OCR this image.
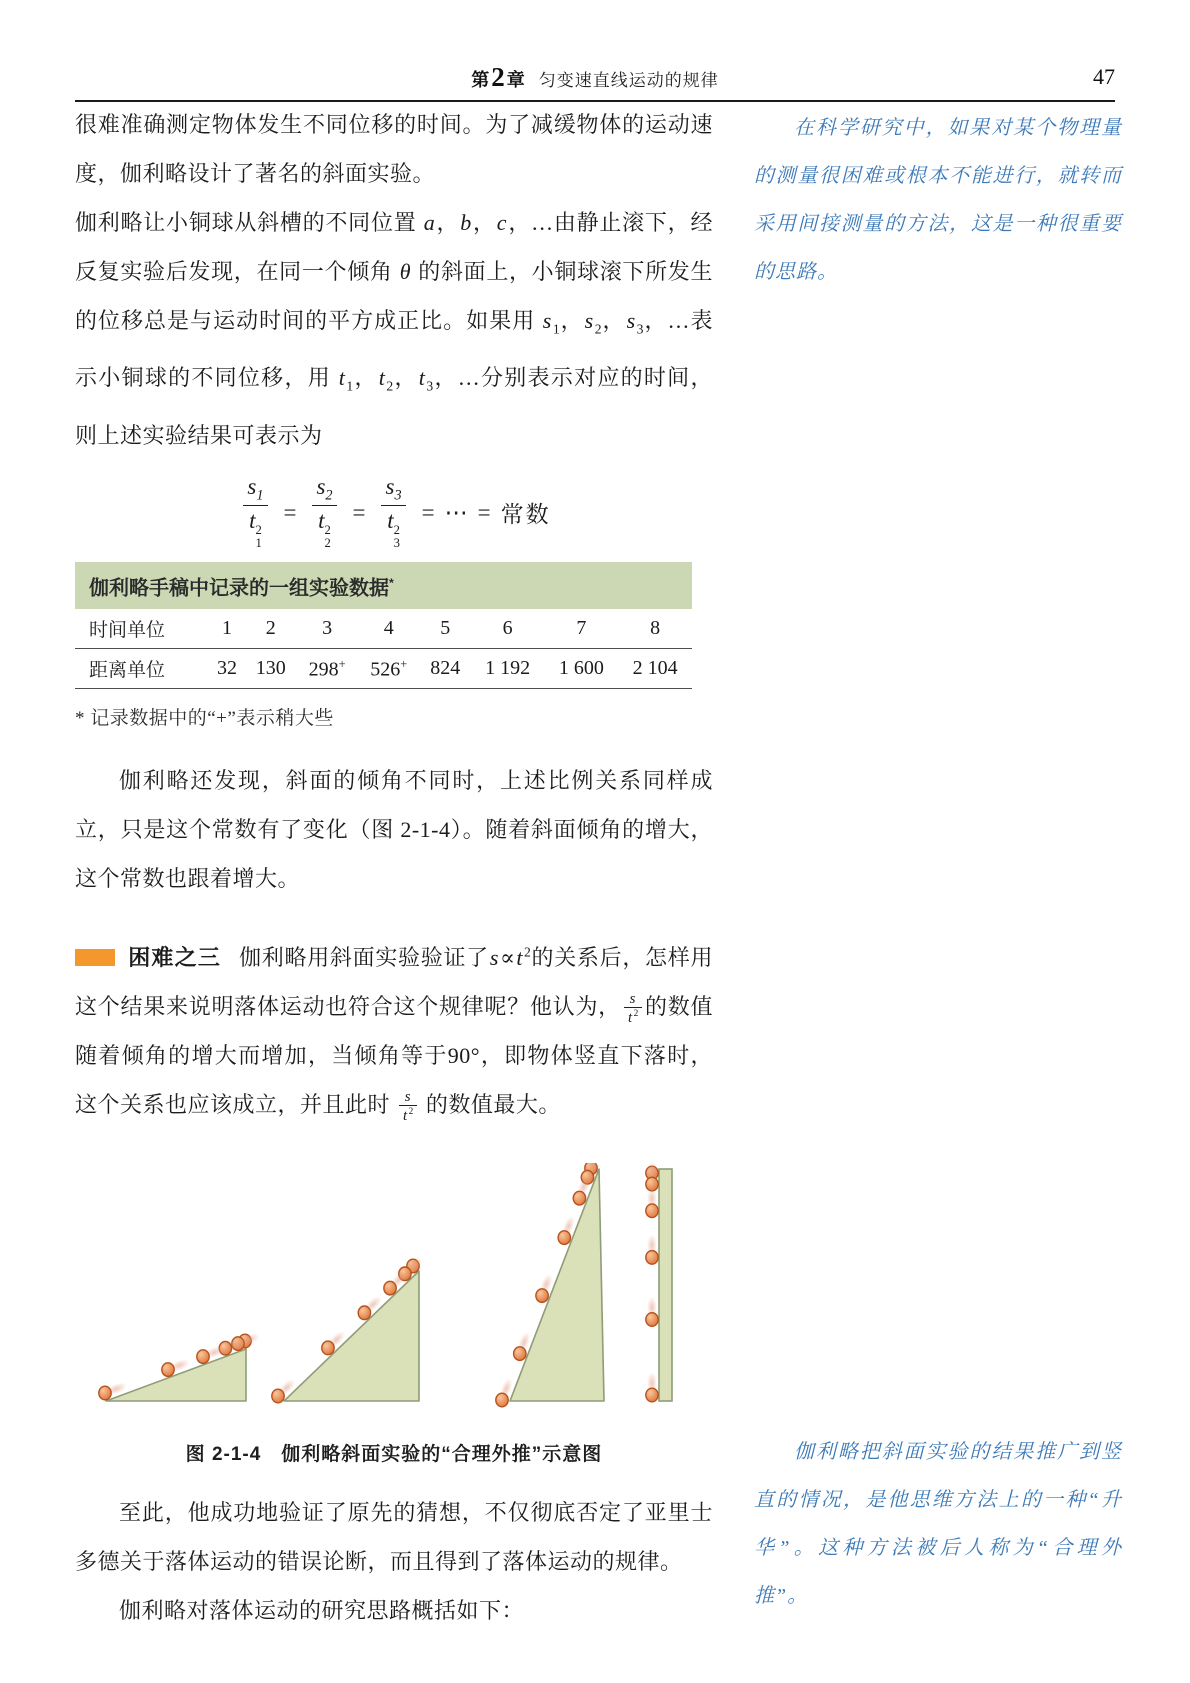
第2 章 匀变速直线运动的规律	47

很难准确测定物体发生不同位移的时间。为了减缓物体的运动速度，伽利略设计了著名的斜面实验。

伽利略让小铜球从斜槽的不同位置 a，b，c，…由静止滚下，经反复实验后发现，在同一个倾角 θ 的斜面上，小铜球滚下所发生的位移总是与运动时间的平方成正比。如果用 $s_1$，$s_2$，$s_3$，…表示小铜球的不同位移，用 $t_1$，$t_2$，$t_3$，…分别表示对应的时间，则上述实验结果可表示为

$s_1$
t 2
$1 = s_2$
t 2
$2 = s_3$
t 2
3 = ⋯ = 常数
伽利略手稿中记录的一组实验数据*
时间单位	1	2	3	4	5	6	7	8
距离单位	32	130	298+	526+	824	1 192	1 600	2 104
* 记录数据中的“+”表示稍大些

伽利略还发现，斜面的倾角不同时，上述比例关系同样成立，只是这个常数有了变化（图 2-1-4）。随着斜面倾角的增大，这个常数也跟着增大。

困难之三 伽利略用斜面实验验证了$s\propto t^2$的关系后，怎样用这个结果来说明落体运动也符合这个规律呢？他认为， $\frac{s}{t^2}$ 的数值随着倾角的增大而增加，当倾角等于90°，即物体竖直下落时，这个关系也应该成立，并且此时 $\frac{s}{t^2}$ 的数值最大。

图 2-1-4　伽利略斜面实验的“合理外推”示意图

至此，他成功地验证了原先的猜想，不仅彻底否定了亚里士多德关于落体运动的错误论断，而且得到了落体运动的规律。

伽利略对落体运动的研究思路概括如下：

在科学研究中，如果对某个物理量的测量很困难或根本不能进行，就转而采用间接测量的方法，这是一种很重要的思路。
伽利略把斜面实验的结果推广到竖直的情况，是他思维方法上的一种“升华”。这种方法被后人称为“合理外推”。
